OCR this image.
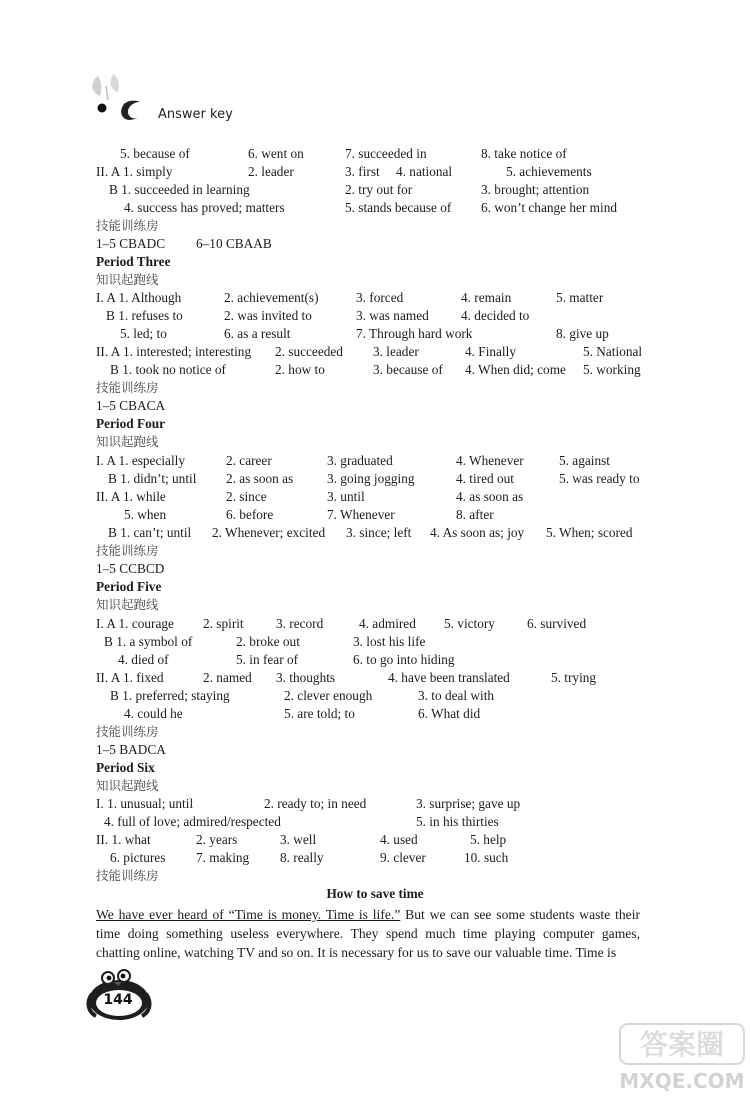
Answer key
5. because of	6. went on	7. succeeded in	8. take notice of
II. A 1. simply	2. leader	3. first 4. national	5. achievements
B 1. succeeded in learning	2. try out for	3. brought; attention
4. success has proved; matters	5. stands because of 6. won’t change her mind
技能训练房
1–5 CBADC 6–10 CBAAB
Period Three
知识起跑线
I. A 1. Although	2. achievement(s)	3. forced	4. remain	5. matter
B 1. refuses to	2. was invited to	3. was named 4. decided to
5. led; to	6. as a result	7. Through hard work	8. give up
II. A 1. interested; interesting 2. succeeded 3. leader	4. Finally	5. National
B 1. took no notice of	2. how to	3. because of 4. When did; come 5. working
技能训练房
1–5 CBACA
Period Four
知识起跑线
I. A 1. especially	2. career	3. graduated	4. Whenever	5. against
B 1. didn’t; until 2. as soon as	3. going jogging	4. tired out	5. was ready to
II. A 1. while	2. since	3. until	4. as soon as
5. when	6. before	7. Whenever	8. after
B 1. can’t; until 2. Whenever; excited 3. since; left 4. As soon as; joy 5. When; scored
技能训练房
1–5 CCBCD
Period Five
知识起跑线
I. A 1. courage 2. spirit 3. record	4. admired 5. victory 6. survived
B 1. a symbol of	2. broke out	3. lost his life
4. died of	5. in fear of	6. to go into hiding
II. A 1. fixed	2. named 3. thoughts	4. have been translated	5. trying
B 1. preferred; staying	2. clever enough	3. to deal with
4. could he	5. are told; to	6. What did
技能训练房
1–5 BADCA
Period Six
知识起跑线
I. 1. unusual; until	2. ready to; in need	3. surprise; gave up
4. full of love; admired/respected	5. in his thirties
II. 1. what	2. years	3. well	4. used	5. help
6. pictures 7. making 8. really	9. clever	10. such
技能训练房
How to save time
We have ever heard of “Time is money. Time is life.” But we can see some students waste their time doing something useless everywhere. They spend much time playing computer games, chatting online, watching TV and so on. It is necessary for us to save our valuable time. Time is
144
答案圈
MXQE.COM
